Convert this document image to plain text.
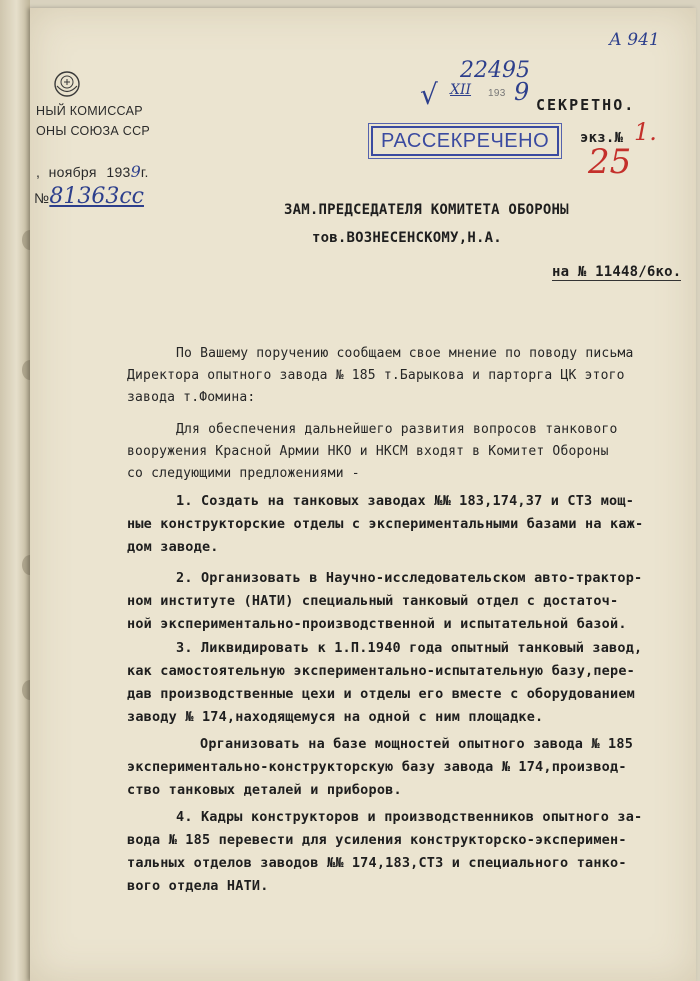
НЫЙ КОМИССАР
ОНЫ СОЮЗА ССР
,  ноября 1939г.
№81363сс
А 941
22495
√ XII 193 9 СЕКРЕТНО.
РАССЕКРЕЧЕНО	экз.№ 1.
25
ЗАМ.ПРЕДСЕДАТЕЛЯ КОМИТЕТА ОБОРОНЫ
тов.ВОЗНЕСЕНСКОМУ,Н.А.
на № 11448/6ко.
По Вашему поручению сообщаем свое мнение по поводу письма
Директора опытного завода № 185 т.Барыкова и парторга ЦК этого
завода т.Фомина:
Для обеспечения дальнейшего развития вопросов танкового
вооружения Красной Армии НКО и НКСМ входят в Комитет Обороны
со следующими предложениями -
1. Создать на танковых заводах №№ 183,174,37 и СТЗ мощ-
ные конструкторские отделы с экспериментальными базами на каж-
дом заводе.
2. Организовать в Научно-исследовательском авто-трактор-
ном институте (НАТИ) специальный танковый отдел с достаточ-
ной экспериментально-производственной и испытательной базой.
3. Ликвидировать к 1.П.1940 года опытный танковый завод,
как самостоятельную экспериментально-испытательную базу,пере-
дав производственные цехи и отделы его вместе с оборудованием
заводу № 174,находящемуся на одной с ним площадке.
Организовать на базе мощностей опытного завода № 185
экспериментально-конструкторскую базу завода № 174,производ-
ство танковых деталей и приборов.
4. Кадры конструкторов и производственников опытного за-
вода № 185 перевести для усиления конструкторско-эксперимен-
тальных отделов заводов №№ 174,183,СТЗ и специального танко-
вого отдела НАТИ.
